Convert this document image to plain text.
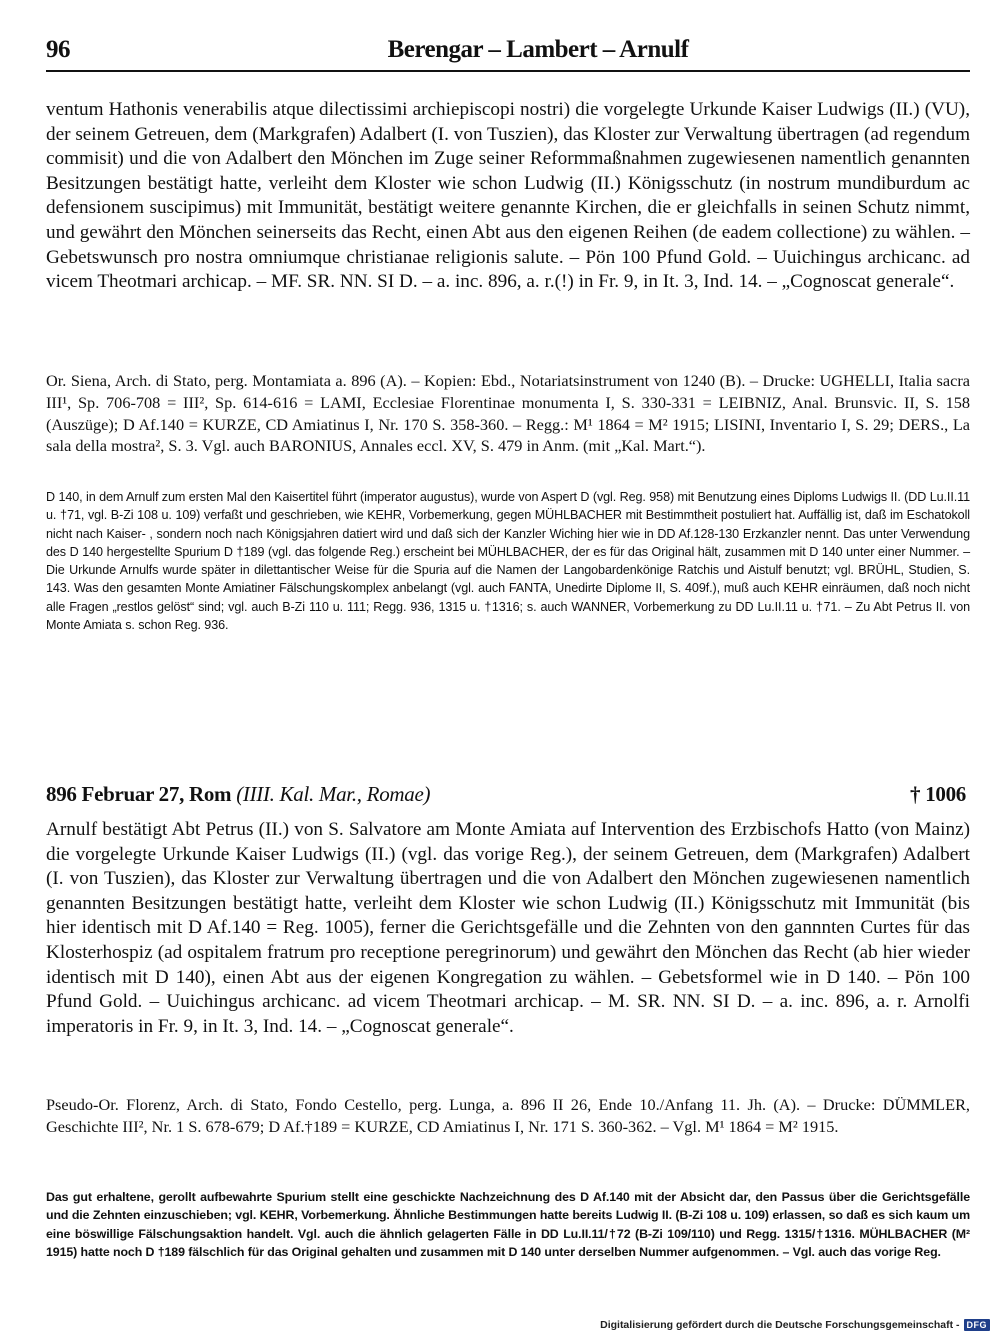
96	Berengar – Lambert – Arnulf

ventum Hathonis venerabilis atque dilectissimi archiepiscopi nostri) die vorgelegte Urkunde Kaiser Ludwigs (II.) (VU), der seinem Getreuen, dem (Markgrafen) Adalbert (I. von Tuszien), das Kloster zur Verwaltung übertragen (ad regendum commisit) und die von Adalbert den Mönchen im Zuge seiner Reformmaßnahmen zugewiesenen namentlich genannten Besitzungen bestätigt hatte, verleiht dem Kloster wie schon Ludwig (II.) Königsschutz (in nostrum mundiburdum ac defensionem suscipimus) mit Immunität, bestätigt weitere genannte Kirchen, die er gleichfalls in seinen Schutz nimmt, und gewährt den Mönchen seinerseits das Recht, einen Abt aus den eigenen Reihen (de eadem collectione) zu wählen. – Gebetswunsch pro nostra omniumque christianae religionis salute. – Pön 100 Pfund Gold. – Uuichingus archicanc. ad vicem Theotmari archicap. – MF. SR. NN. SI D. – a. inc. 896, a. r.(!) in Fr. 9, in It. 3, Ind. 14. – „Cognoscat generale“.

Or. Siena, Arch. di Stato, perg. Montamiata a. 896 (A). – Kopien: Ebd., Notariatsinstrument von 1240 (B). – Drucke: UGHELLI, Italia sacra III¹, Sp. 706-708 = III², Sp. 614-616 = LAMI, Ecclesiae Florentinae monumenta I, S. 330-331 = LEIBNIZ, Anal. Brunsvic. II, S. 158 (Auszüge); D Af.140 = KURZE, CD Amiatinus I, Nr. 170 S. 358-360. – Regg.: M¹ 1864 = M² 1915; LISINI, Inventario I, S. 29; DERS., La sala della mostra², S. 3. Vgl. auch BARONIUS, Annales eccl. XV, S. 479 in Anm. (mit „Kal. Mart.“).

D 140, in dem Arnulf zum ersten Mal den Kaisertitel führt (imperator augustus), wurde von Aspert D (vgl. Reg. 958) mit Benutzung eines Diploms Ludwigs II. (DD Lu.II.11 u. †71, vgl. B-Zi 108 u. 109) verfaßt und geschrieben, wie KEHR, Vorbemerkung, gegen MÜHLBACHER mit Bestimmtheit postuliert hat. Auffällig ist, daß im Eschatokoll nicht nach Kaiser- , sondern noch nach Königsjahren datiert wird und daß sich der Kanzler Wiching hier wie in DD Af.128-130 Erzkanzler nennt. Das unter Verwendung des D 140 hergestellte Spurium D †189 (vgl. das folgende Reg.) erscheint bei MÜHLBACHER, der es für das Original hält, zusammen mit D 140 unter einer Nummer. – Die Urkunde Arnulfs wurde später in dilettantischer Weise für die Spuria auf die Namen der Langobardenkönige Ratchis und Aistulf benutzt; vgl. BRÜHL, Studien, S. 143. Was den gesamten Monte Amiatiner Fälschungskomplex anbelangt (vgl. auch FANTA, Unedirte Diplome II, S. 409f.), muß auch KEHR einräumen, daß noch nicht alle Fragen „restlos gelöst“ sind; vgl. auch B-Zi 110 u. 111; Regg. 936, 1315 u. †1316; s. auch WANNER, Vorbemerkung zu DD Lu.II.11 u. †71. – Zu Abt Petrus II. von Monte Amiata s. schon Reg. 936.

896 Februar 27, Rom (IIII. Kal. Mar., Romae)	† 1006

Arnulf bestätigt Abt Petrus (II.) von S. Salvatore am Monte Amiata auf Intervention des Erzbischofs Hatto (von Mainz) die vorgelegte Urkunde Kaiser Ludwigs (II.) (vgl. das vorige Reg.), der seinem Getreuen, dem (Markgrafen) Adalbert (I. von Tuszien), das Kloster zur Verwaltung übertragen und die von Adalbert den Mönchen zugewiesenen namentlich genannten Besitzungen bestätigt hatte, verleiht dem Kloster wie schon Ludwig (II.) Königsschutz mit Immunität (bis hier identisch mit D Af.140 = Reg. 1005), ferner die Gerichtsgefälle und die Zehnten von den gannnten Curtes für das Klosterhospiz (ad ospitalem fratrum pro receptione peregrinorum) und gewährt den Mönchen das Recht (ab hier wieder identisch mit D 140), einen Abt aus der eigenen Kongregation zu wählen. – Gebetsformel wie in D 140. – Pön 100 Pfund Gold. – Uuichingus archicanc. ad vicem Theotmari archicap. – M. SR. NN. SI D. – a. inc. 896, a. r. Arnolfi imperatoris in Fr. 9, in It. 3, Ind. 14. – „Cognoscat generale“.

Pseudo-Or. Florenz, Arch. di Stato, Fondo Cestello, perg. Lunga, a. 896 II 26, Ende 10./Anfang 11. Jh. (A). – Drucke: DÜMMLER, Geschichte III², Nr. 1 S. 678-679; D Af.†189 = KURZE, CD Amiatinus I, Nr. 171 S. 360-362. – Vgl. M¹ 1864 = M² 1915.

Das gut erhaltene, gerollt aufbewahrte Spurium stellt eine geschickte Nachzeichnung des D Af.140 mit der Absicht dar, den Passus über die Gerichtsgefälle und die Zehnten einzuschieben; vgl. KEHR, Vorbemerkung. Ähnliche Bestimmungen hatte bereits Ludwig II. (B-Zi 108 u. 109) erlassen, so daß es sich kaum um eine böswillige Fälschungsaktion handelt. Vgl. auch die ähnlich gelagerten Fälle in DD Lu.II.11/†72 (B-Zi 109/110) und Regg. 1315/†1316. MÜHLBACHER (M² 1915) hatte noch D †189 fälschlich für das Original gehalten und zusammen mit D 140 unter derselben Nummer aufgenommen. – Vgl. auch das vorige Reg.

Digitalisierung gefördert durch die Deutsche Forschungsgemeinschaft - DFG
